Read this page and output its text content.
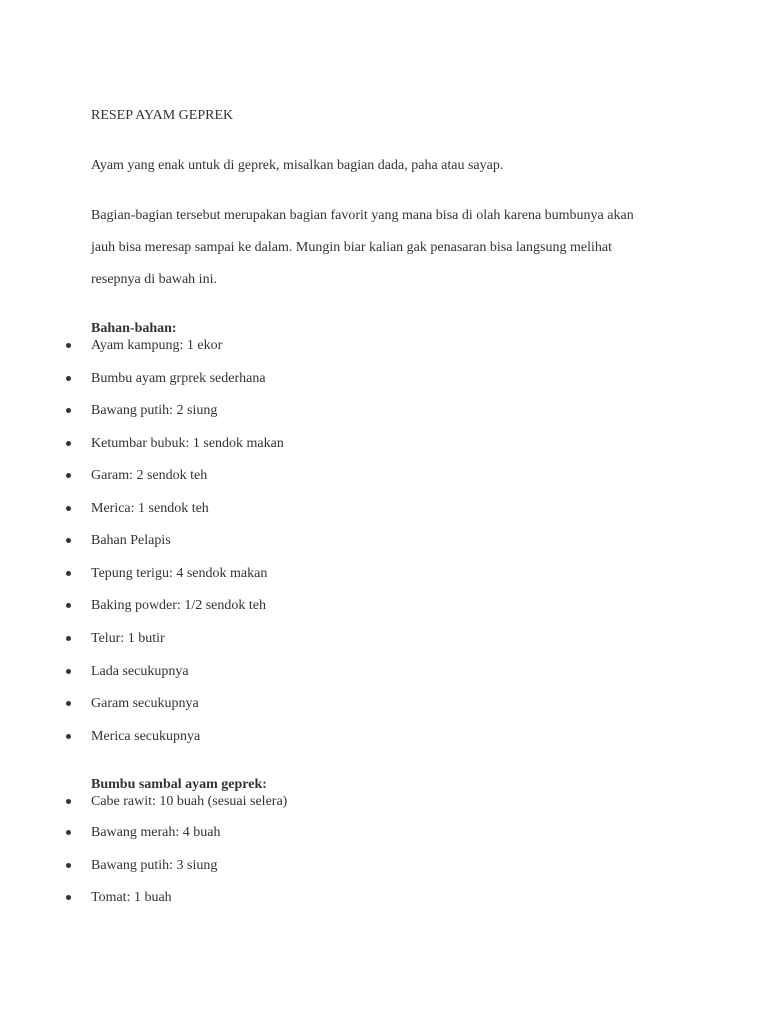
RESEP AYAM GEPREK
Ayam yang enak untuk di geprek, misalkan bagian dada, paha atau sayap.
Bagian-bagian tersebut merupakan bagian favorit yang mana bisa di olah karena bumbunya akan
jauh bisa meresap sampai ke dalam. Mungin biar kalian gak penasaran bisa langsung melihat
resepnya di bawah ini.
Bahan-bahan:
Ayam kampung: 1 ekor
Bumbu ayam grprek sederhana
Bawang putih: 2 siung
Ketumbar bubuk: 1 sendok makan
Garam: 2 sendok teh
Merica: 1 sendok teh
Bahan Pelapis
Tepung terigu: 4 sendok makan
Baking powder: 1/2 sendok teh
Telur: 1 butir
Lada secukupnya
Garam secukupnya
Merica secukupnya
Bumbu sambal ayam geprek:
Cabe rawit: 10 buah (sesuai selera)
Bawang merah: 4 buah
Bawang putih: 3 siung
Tomat: 1 buah
